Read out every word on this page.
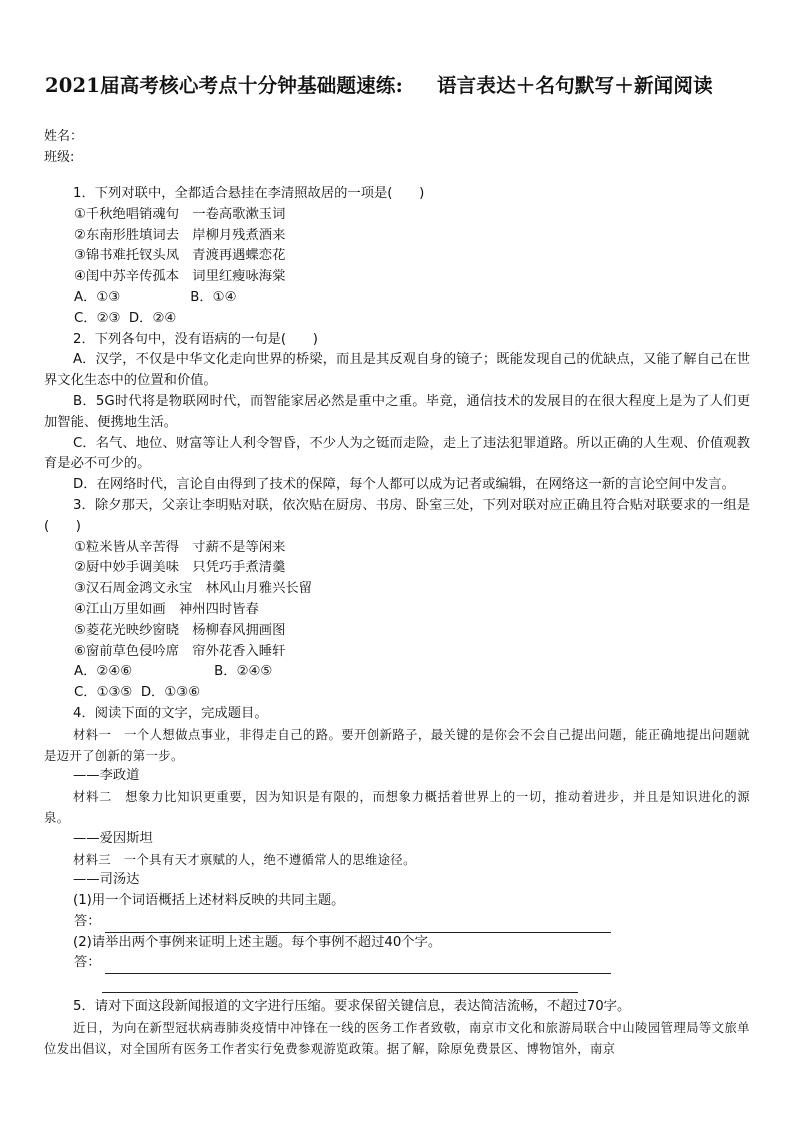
2021届高考核心考点十分钟基础题速练: 语言表达＋名句默写＋新闻阅读
姓名：
班级:

1．下列对联中，全都适合悬挂在李清照故居的一项是(　　)

①千秋绝唱销魂句　一卷高歌漱玉词

②东南形胜填词去　岸柳月残煮酒来

③锦书难托钗头凤　青渡再遇蝶恋花

④闺中苏辛传孤本　词里红瘦咏海棠

A．①③	B．①④

C．②③ D．②④

2．下列各句中，没有语病的一句是(　　)

A．汉学，不仅是中华文化走向世界的桥梁，而且是其反观自身的镜子；既能发现自己的优缺点，又能了解自己在世界文化生态中的位置和价值。

B．5G时代将是物联网时代，而智能家居必然是重中之重。毕竟，通信技术的发展目的在很大程度上是为了人们更加智能、便携地生活。

C．名气、地位、财富等让人利令智昏，不少人为之铤而走险，走上了违法犯罪道路。所以正确的人生观、价值观教育是必不可少的。

D．在网络时代，言论自由得到了技术的保障，每个人都可以成为记者或编辑，在网络这一新的言论空间中发言。

3．除夕那天，父亲让李明贴对联，依次贴在厨房、书房、卧室三处，下列对联对应正确且符合贴对联要求的一组是(　　)

①粒米皆从辛苦得　寸薪不是等闲来

②厨中妙手调美味　只凭巧手煮清羹

③汉石周金鸿文永宝　林风山月雅兴长留

④江山万里如画　神州四时皆春

⑤菱花光映纱窗晓　杨柳春风拥画图

⑥窗前草色侵吟席　帘外花香入睡轩

A．②④⑥	B．②④⑤

C．①③⑤ D．①③⑥

4．阅读下面的文字，完成题目。

材料一　一个人想做点事业，非得走自己的路。要开创新路子，最关键的是你会不会自己提出问题，能正确地提出问题就是迈开了创新的第一步。

——李政道

材料二　想象力比知识更重要，因为知识是有限的，而想象力概括着世界上的一切，推动着进步，并且是知识进化的源泉。

——爱因斯坦

材料三　一个具有天才禀赋的人，绝不遵循常人的思维途径。

——司汤达

(1)用一个词语概括上述材料反映的共同主题。

答：

(2)请举出两个事例来证明上述主题。每个事例不超过40个字。

答：

5．请对下面这段新闻报道的文字进行压缩。要求保留关键信息，表达简洁流畅，不超过70字。

近日，为向在新型冠状病毒肺炎疫情中冲锋在一线的医务工作者致敬，南京市文化和旅游局联合中山陵园管理局等文旅单位发出倡议，对全国所有医务工作者实行免费参观游览政策。据了解，除原免费景区、博物馆外，南京
